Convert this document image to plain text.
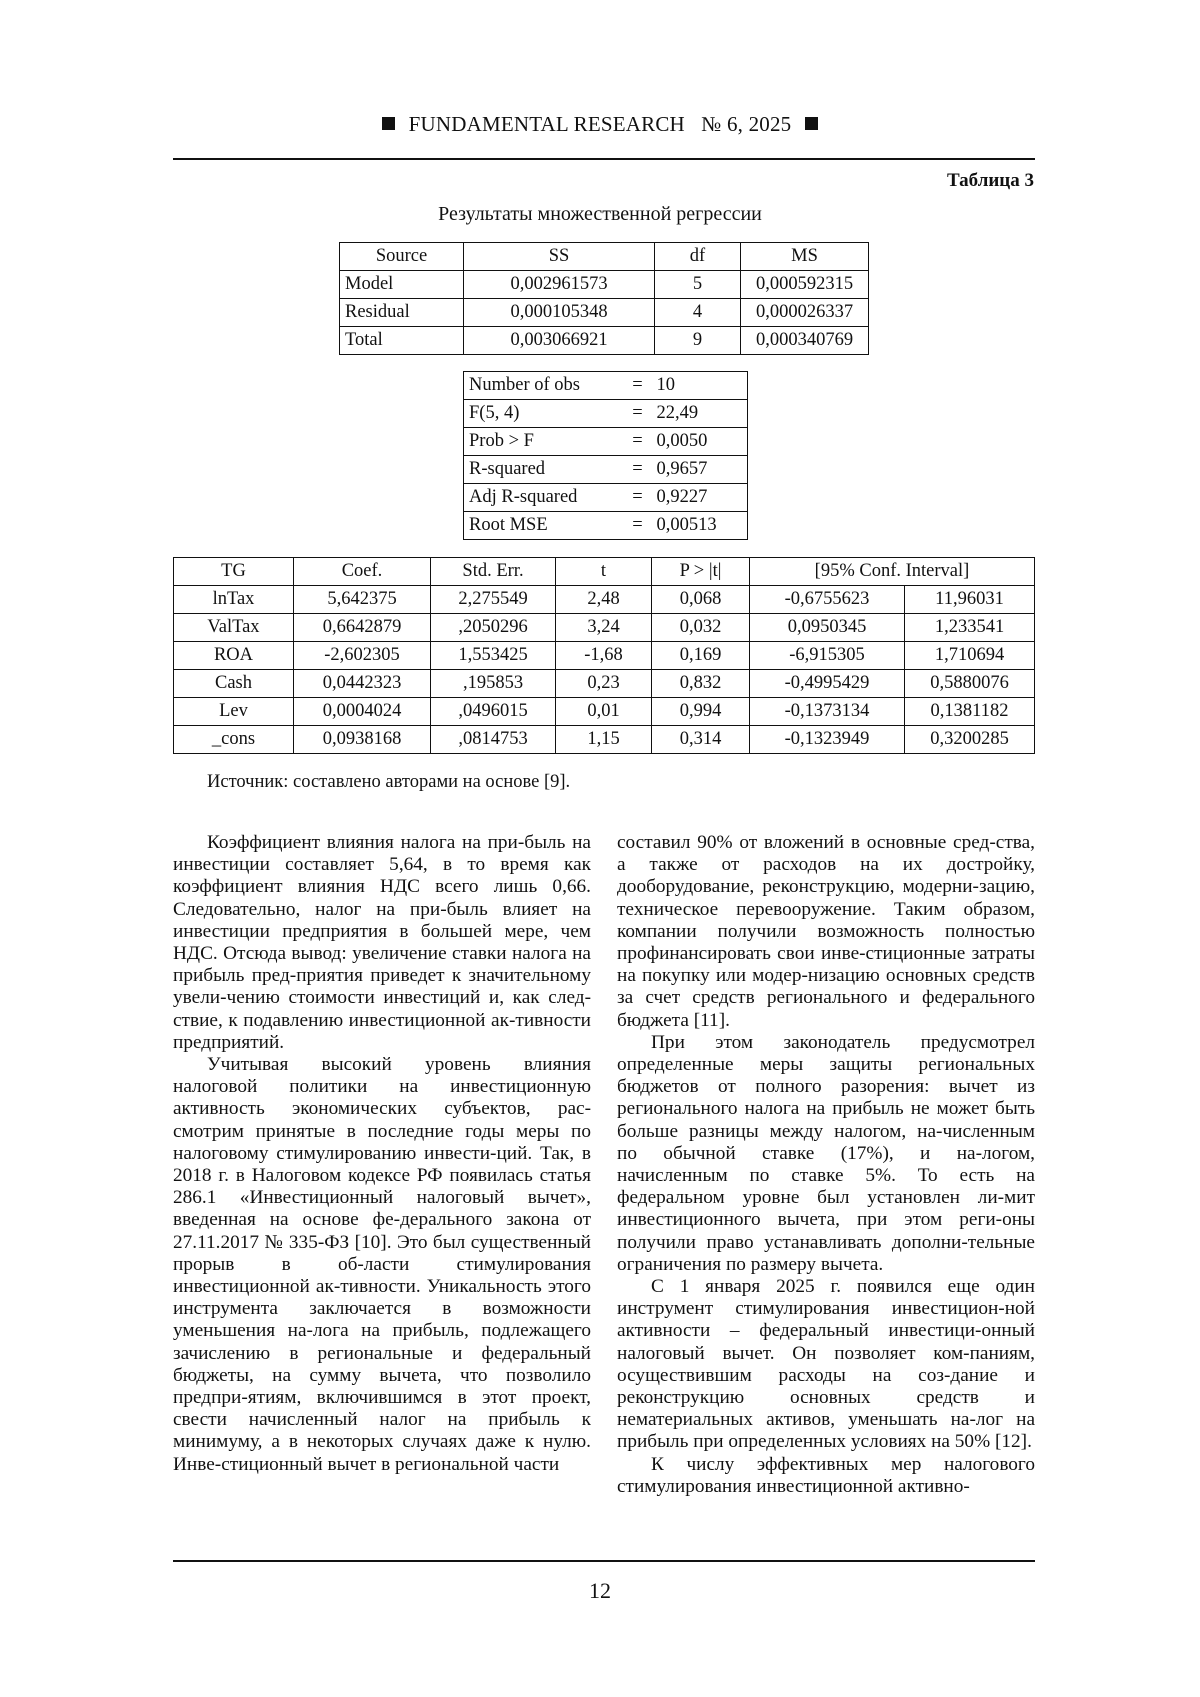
FUNDAMENTAL RESEARCH № 6, 2025
Таблица 3
Результаты множественной регрессии
Source	SS	df	MS
Model	0,002961573	5	0,000592315
Residual	0,000105348	4	0,000026337
Total	0,003066921	9	0,000340769
Number of obs	=	10
F(5, 4)	=	22,49
Prob > F	=	0,0050
R-squared	=	0,9657
Adj R-squared	=	0,9227
Root MSE	=	0,00513
TG	Coef.	Std. Err.	t	P > |t|	[95% Conf. Interval]	
lnTax	5,642375	2,275549	2,48	0,068	-0,6755623	11,96031
ValTax	0,6642879	,2050296	3,24	0,032	0,0950345	1,233541
ROA	-2,602305	1,553425	-1,68	0,169	-6,915305	1,710694
Cash	0,0442323	,195853	0,23	0,832	-0,4995429	0,5880076
Lev	0,0004024	,0496015	0,01	0,994	-0,1373134	0,1381182
_cons	0,0938168	,0814753	1,15	0,314	-0,1323949	0,3200285
Источник: составлено авторами на основе [9].

Коэффициент влияния налога на при-быль на инвестиции составляет 5,64, в то время как коэффициент влияния НДС всего лишь 0,66. Следовательно, налог на при-быль влияет на инвестиции предприятия в большей мере, чем НДС. Отсюда вывод: увеличение ставки налога на прибыль пред-приятия приведет к значительному увели-чению стоимости инвестиций и, как след-ствие, к подавлению инвестиционной ак-тивности предприятий.

Учитывая высокий уровень влияния налоговой политики на инвестиционную активность экономических субъектов, рас-смотрим принятые в последние годы меры по налоговому стимулированию инвести-ций. Так, в 2018 г. в Налоговом кодексе РФ появилась статья 286.1 «Инвестиционный налоговый вычет», введенная на основе фе-дерального закона от 27.11.2017 № 335-ФЗ [10]. Это был существенный прорыв в об-ласти стимулирования инвестиционной ак-тивности. Уникальность этого инструмента заключается в возможности уменьшения на-лога на прибыль, подлежащего зачислению в региональные и федеральный бюджеты, на сумму вычета, что позволило предпри-ятиям, включившимся в этот проект, свести начисленный налог на прибыль к минимуму, а в некоторых случаях даже к нулю. Инве-стиционный вычет в региональной части

составил 90% от вложений в основные сред-ства, а также от расходов на их достройку, дооборудование, реконструкцию, модерни-зацию, техническое перевооружение. Таким образом, компании получили возможность полностью профинансировать свои инве-стиционные затраты на покупку или модер-низацию основных средств за счет средств регионального и федерального бюджета [11].

При этом законодатель предусмотрел определенные меры защиты региональных бюджетов от полного разорения: вычет из регионального налога на прибыль не может быть больше разницы между налогом, на-численным по обычной ставке (17%), и на-логом, начисленным по ставке 5%. То есть на федеральном уровне был установлен ли-мит инвестиционного вычета, при этом реги-оны получили право устанавливать дополни-тельные ограничения по размеру вычета.

С 1 января 2025 г. появился еще один инструмент стимулирования инвестицион-ной активности – федеральный инвестици-онный налоговый вычет. Он позволяет ком-паниям, осуществившим расходы на соз-дание и реконструкцию основных средств и нематериальных активов, уменьшать на-лог на прибыль при определенных условиях на 50% [12].

К числу эффективных мер налогового стимулирования инвестиционной активно-

12
